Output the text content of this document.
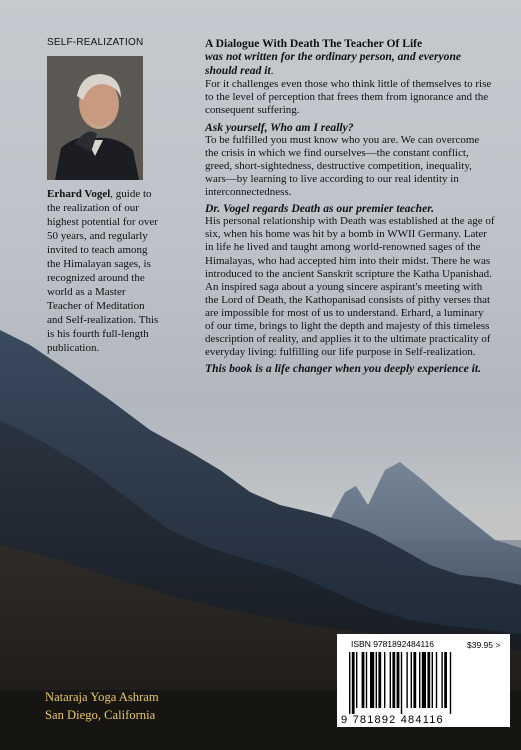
SELF-REALIZATION
Erhard Vogel, guide to the realization of our highest potential for over 50 years, and regularly invited to teach among the Himalayan sages, is recognized around the world as a Master Teacher of Meditation and Self-realization. This is his fourth full-length publication.

A Dialogue With Death The Teacher Of Life

was not written for the ordinary person, and everyone should read it.

For it challenges even those who think little of themselves to rise to the level of perception that frees them from ignorance and the consequent suffering.

Ask yourself, Who am I really?

To be fulfilled you must know who you are. We can overcome the crisis in which we find ourselves—the constant conflict, greed, short-sightedness, destructive competition, inequality, wars—by learning to live according to our real identity in interconnectedness.

Dr. Vogel regards Death as our premier teacher.

His personal relationship with Death was established at the age of six, when his home was hit by a bomb in WWII Germany. Later in life he lived and taught among world-renowned sages of the Himalayas, who had accepted him into their midst. There he was introduced to the ancient Sanskrit scripture the Katha Upanishad. An inspired saga about a young sincere aspirant's meeting with the Lord of Death, the Kathopanisad consists of pithy verses that are impossible for most of us to understand. Erhard, a luminary of our time, brings to light the depth and majesty of this timeless description of reality, and applies it to the ultimate practicality of everyday living: fulfilling our life purpose in Self-realization.

This book is a life changer when you deeply experience it.

Nataraja Yoga Ashram
San Diego, California
ISBN 9781892484116	$39.95 >
9 781892 484116
